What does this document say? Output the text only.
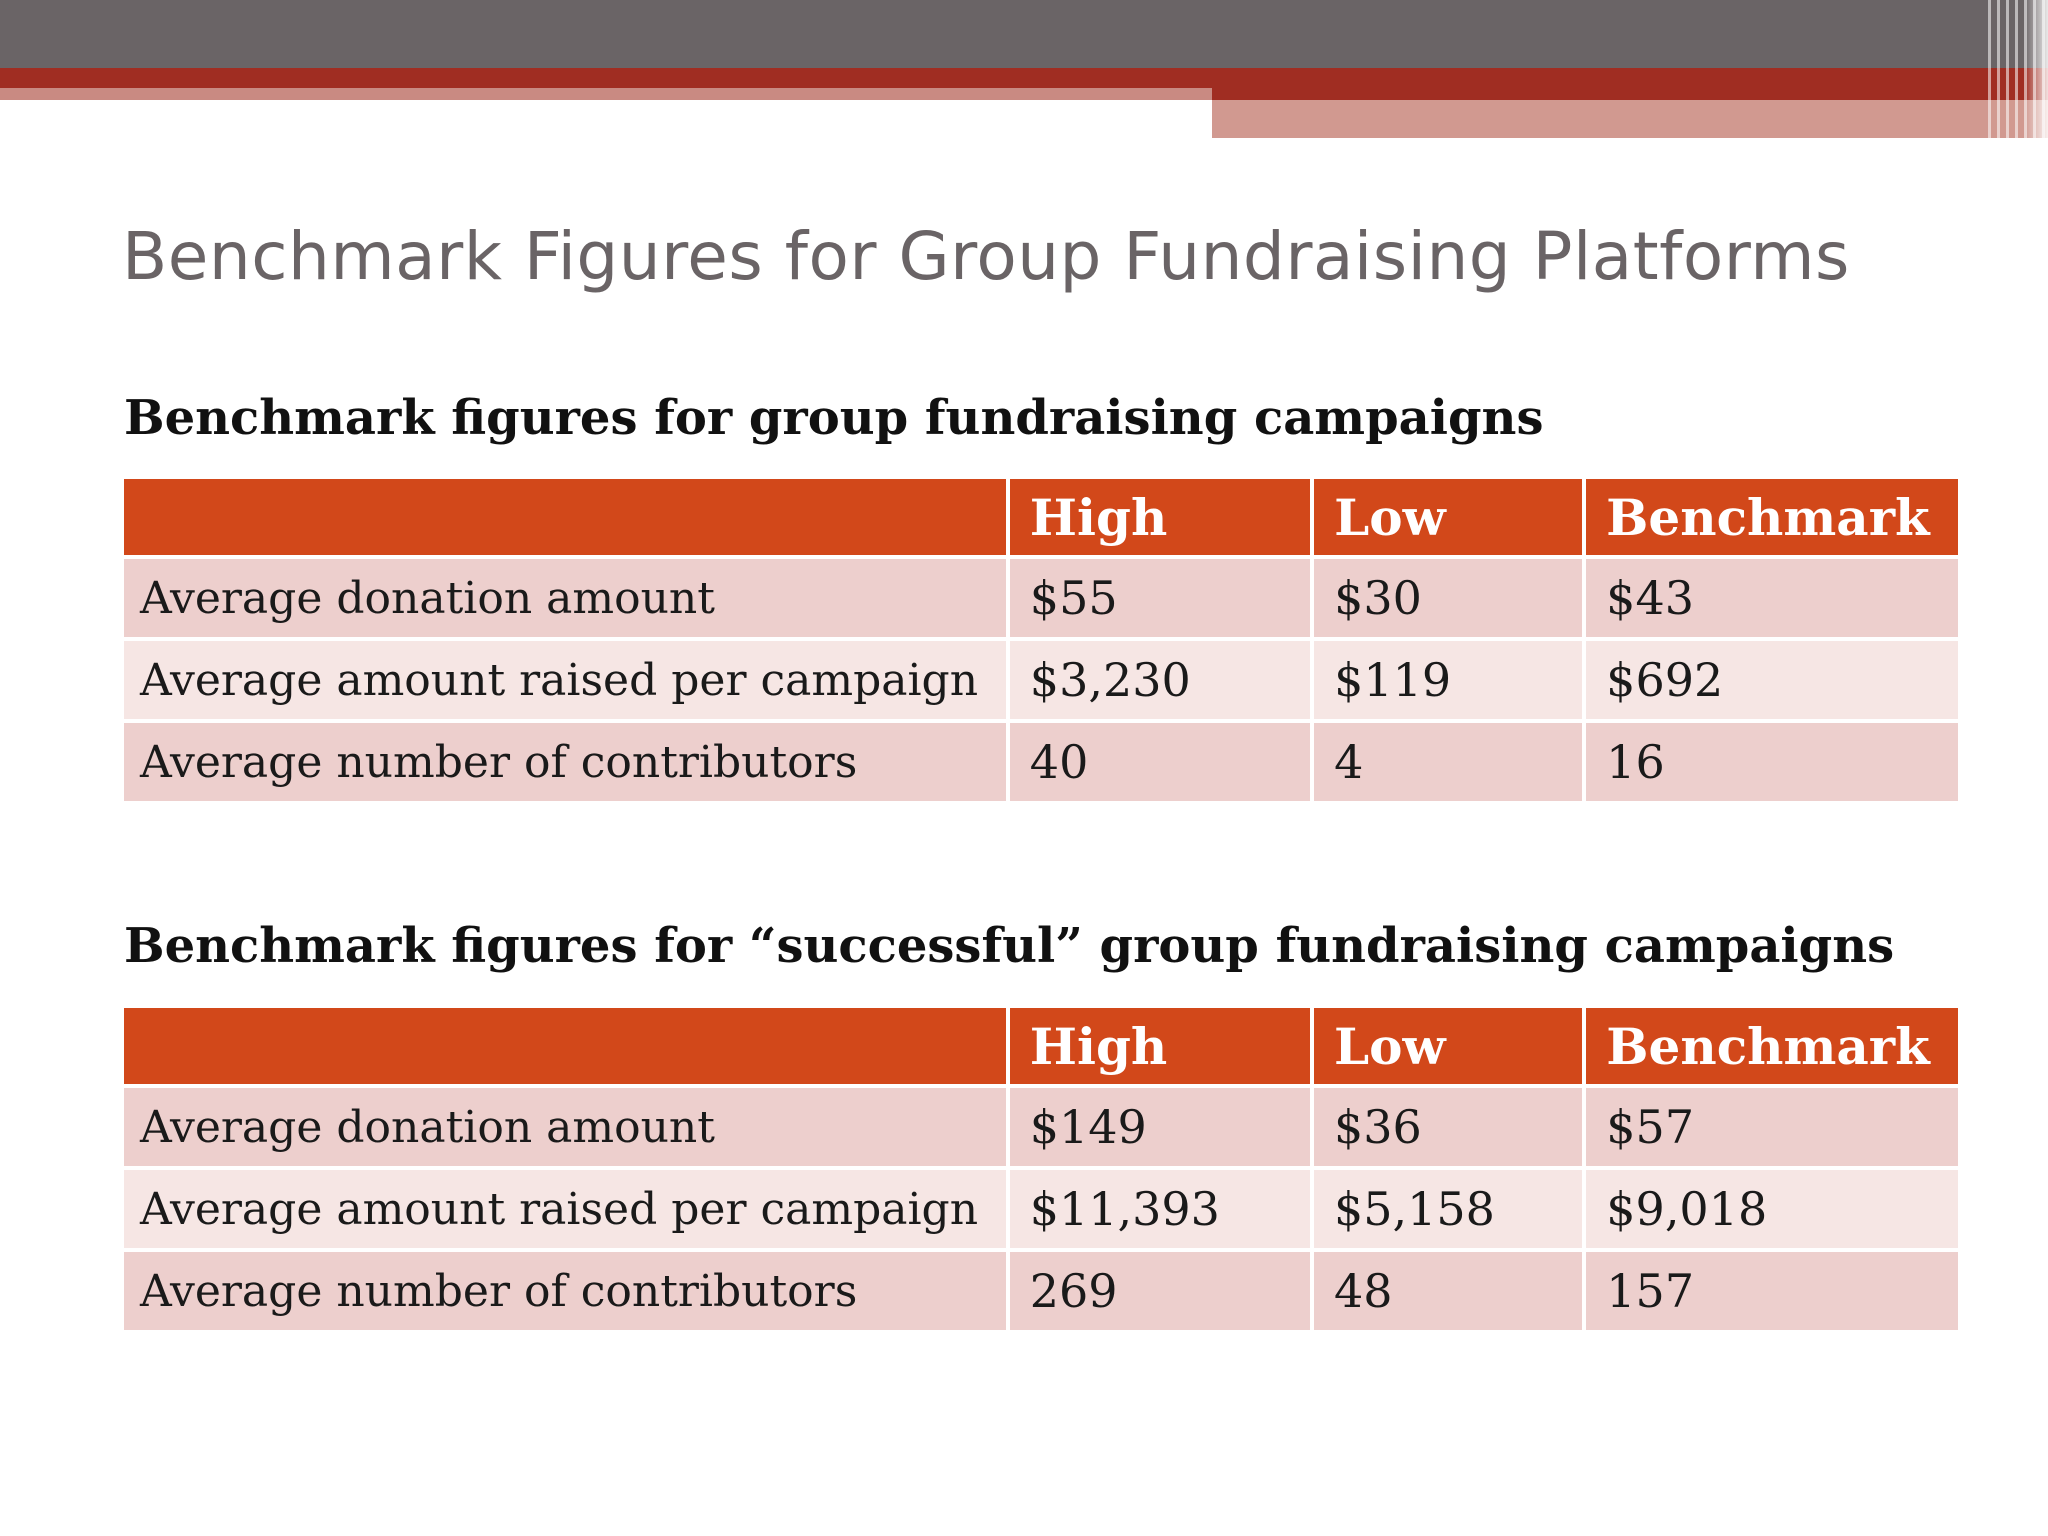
Benchmark Figures for Group Fundraising Platforms
Benchmark figures for group fundraising campaigns
	High	Low	Benchmark
Average donation amount	$55	$30	$43
Average amount raised per campaign	$3,230	$119	$692
Average number of contributors	40	4	16
Benchmark figures for “successful” group fundraising campaigns
	High	Low	Benchmark
Average donation amount	$149	$36	$57
Average amount raised per campaign	$11,393	$5,158	$9,018
Average number of contributors	269	48	157
